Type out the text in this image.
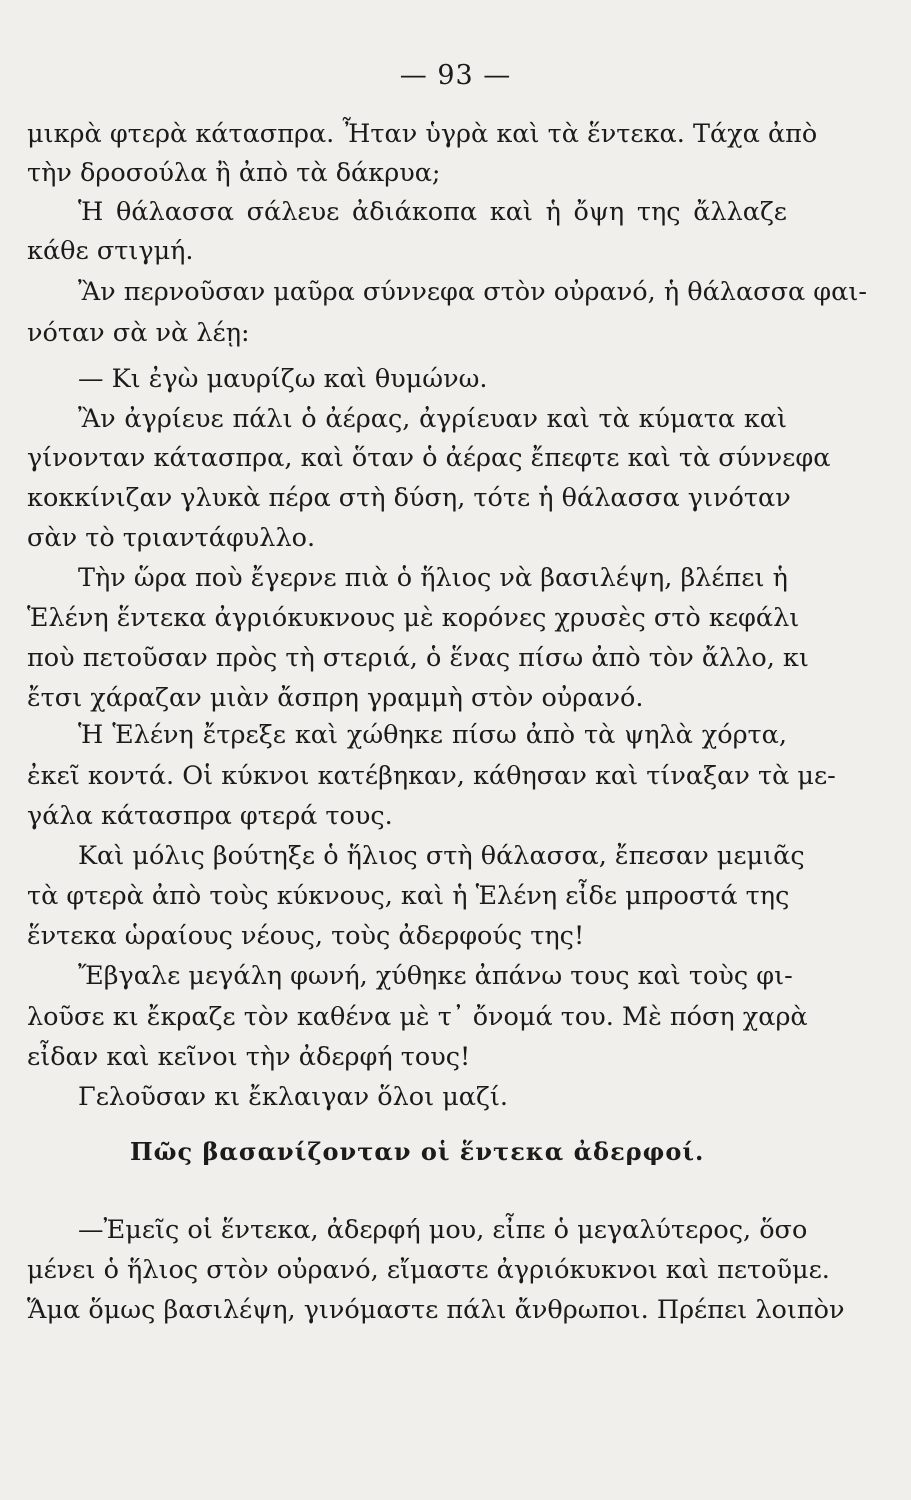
— 93 —
μικρὰ φτερὰ κάτασπρα. Ἦταν ὑγρὰ καὶ τὰ ἕντεκα. Τάχα ἀπὸ
τὴν δροσούλα ἢ ἀπὸ τὰ δάκρυα;
Ἡ θάλασσα σάλευε ἀδιάκοπα καὶ ἡ ὄψη της ἄλλαζε
κάθε στιγμή.
Ἂν περνοῦσαν μαῦρα σύννεφα στὸν οὐρανό, ἡ θάλασσα φαι-
νόταν σὰ νὰ λέῃ:
— Κι ἐγὼ μαυρίζω καὶ θυμώνω.
Ἂν ἀγρίευε πάλι ὁ ἀέρας, ἀγρίευαν καὶ τὰ κύματα καὶ
γίνονταν κάτασπρα, καὶ ὅταν ὁ ἀέρας ἔπεφτε καὶ τὰ σύννεφα
κοκκίνιζαν γλυκὰ πέρα στὴ δύση, τότε ἡ θάλασσα γινόταν
σὰν τὸ τριαντάφυλλο.
Τὴν ὥρα ποὺ ἔγερνε πιὰ ὁ ἥλιος νὰ βασιλέψη, βλέπει ἡ
Ἑλένη ἕντεκα ἀγριόκυκνους μὲ κορόνες χρυσὲς στὸ κεφάλι
ποὺ πετοῦσαν πρὸς τὴ στεριά, ὁ ἕνας πίσω ἀπὸ τὸν ἄλλο, κι
ἔτσι χάραζαν μιὰν ἄσπρη γραμμὴ στὸν οὐρανό.
Ἡ Ἑλένη ἔτρεξε καὶ χώθηκε πίσω ἀπὸ τὰ ψηλὰ χόρτα,
ἐκεῖ κοντά. Οἱ κύκνοι κατέβηκαν, κάθησαν καὶ τίναξαν τὰ με-
γάλα κάτασπρα φτερά τους.
Καὶ μόλις βούτηξε ὁ ἥλιος στὴ θάλασσα, ἔπεσαν μεμιᾶς
τὰ φτερὰ ἀπὸ τοὺς κύκνους, καὶ ἡ Ἑλένη εἶδε μπροστά της
ἕντεκα ὡραίους νέους, τοὺς ἀδερφούς της!
Ἔβγαλε μεγάλη φωνή, χύθηκε ἀπάνω τους καὶ τοὺς φι-
λοῦσε κι ἔκραζε τὸν καθένα μὲ τ᾽ ὄνομά του. Μὲ πόση χαρὰ
εἶδαν καὶ κεῖνοι τὴν ἀδερφή τους!
Γελοῦσαν κι ἔκλαιγαν ὅλοι μαζί.
Πῶς βασανίζονταν οἱ ἕντεκα ἀδερφοί.
—Ἐμεῖς οἱ ἕντεκα, ἀδερφή μου, εἶπε ὁ μεγαλύτερος, ὅσο
μένει ὁ ἥλιος στὸν οὐρανό, εἴμαστε ἀγριόκυκνοι καὶ πετοῦμε.
Ἅμα ὅμως βασιλέψη, γινόμαστε πάλι ἄνθρωποι. Πρέπει λοιπὸν
